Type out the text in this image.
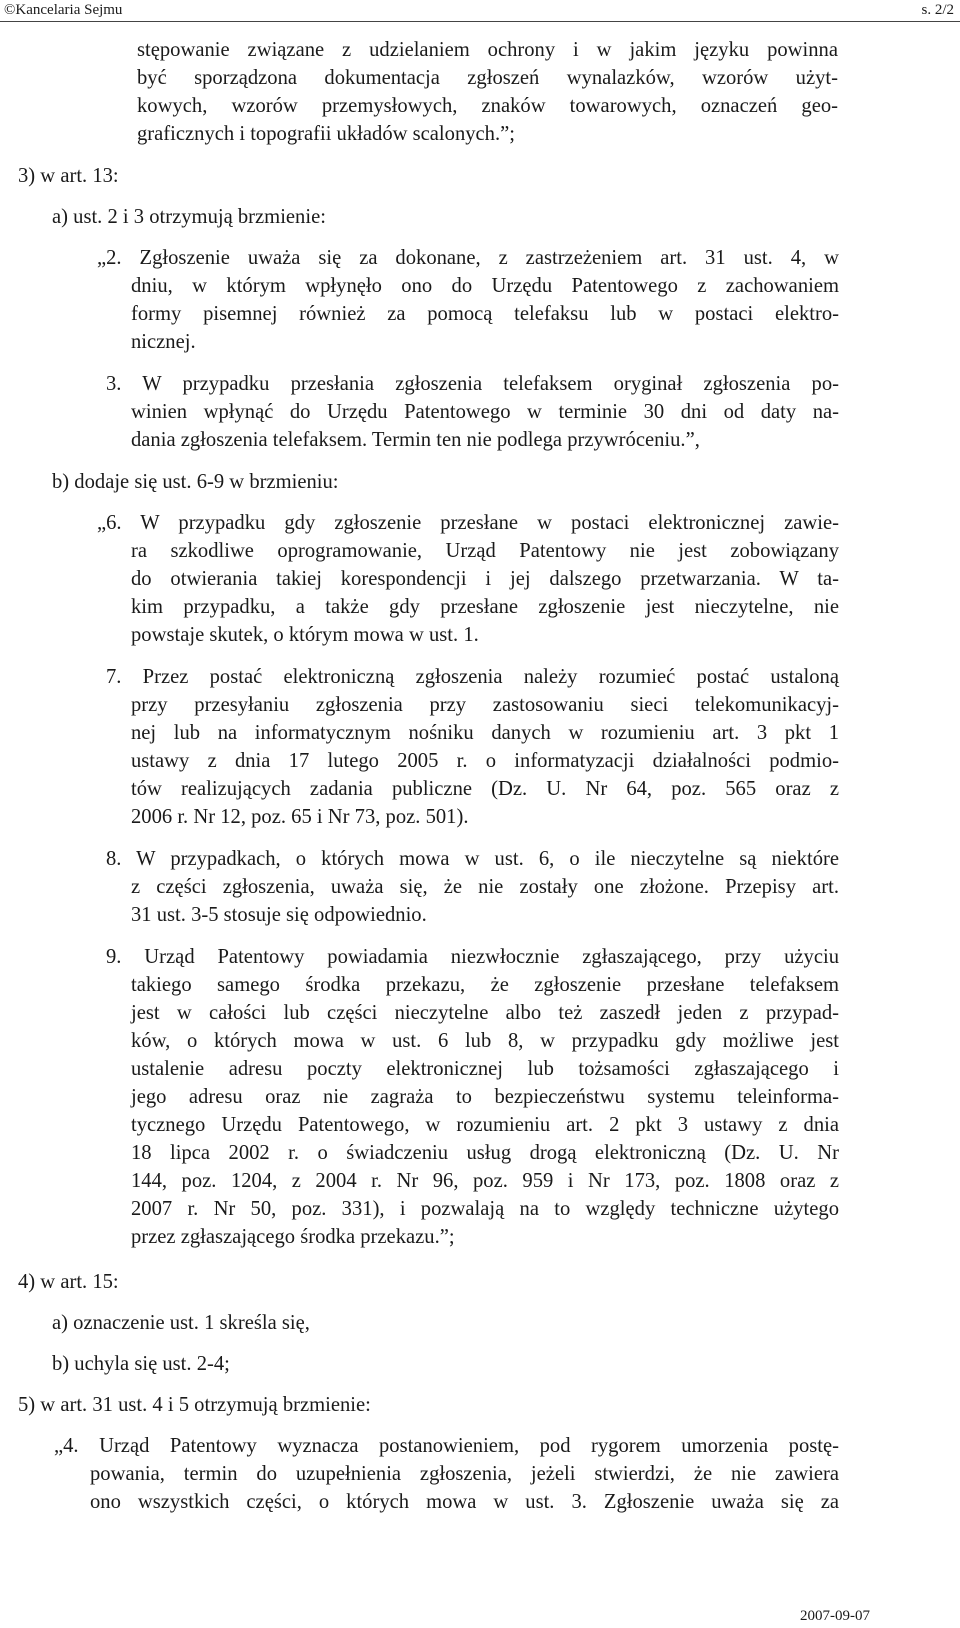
©Kancelaria Sejmu	s. 2/2

stępowanie związane z udzielaniem ochrony i w jakim języku powinna

być sporządzona dokumentacja zgłoszeń wynalazków, wzorów użyt-

kowych, wzorów przemysłowych, znaków towarowych, oznaczeń geo-

graficznych i topografii układów scalonych.”;

3) w art. 13:

a) ust. 2 i 3 otrzymują brzmienie:

„2. Zgłoszenie uważa się za dokonane, z zastrzeżeniem art. 31 ust. 4, w

dniu, w którym wpłynęło ono do Urzędu Patentowego z zachowaniem

formy pisemnej również za pomocą telefaksu lub w postaci elektro-

nicznej.

3. W przypadku przesłania zgłoszenia telefaksem oryginał zgłoszenia po-

winien wpłynąć do Urzędu Patentowego w terminie 30 dni od daty na-

dania zgłoszenia telefaksem. Termin ten nie podlega przywróceniu.”,

b) dodaje się ust. 6-9 w brzmieniu:

„6. W przypadku gdy zgłoszenie przesłane w postaci elektronicznej zawie-

ra szkodliwe oprogramowanie, Urząd Patentowy nie jest zobowiązany

do otwierania takiej korespondencji i jej dalszego przetwarzania. W ta-

kim przypadku, a także gdy przesłane zgłoszenie jest nieczytelne, nie

powstaje skutek, o którym mowa w ust. 1.

7. Przez postać elektroniczną zgłoszenia należy rozumieć postać ustaloną

przy przesyłaniu zgłoszenia przy zastosowaniu sieci telekomunikacyj-

nej lub na informatycznym nośniku danych w rozumieniu art. 3 pkt 1

ustawy z dnia 17 lutego 2005 r. o informatyzacji działalności podmio-

tów realizujących zadania publiczne (Dz. U. Nr 64, poz. 565 oraz z

2006 r. Nr 12, poz. 65 i Nr 73, poz. 501).

8. W przypadkach, o których mowa w ust. 6, o ile nieczytelne są niektóre

z części zgłoszenia, uważa się, że nie zostały one złożone. Przepisy art.

31 ust. 3-5 stosuje się odpowiednio.

9. Urząd Patentowy powiadamia niezwłocznie zgłaszającego, przy użyciu

takiego samego środka przekazu, że zgłoszenie przesłane telefaksem

jest w całości lub części nieczytelne albo też zaszedł jeden z przypad-

ków, o których mowa w ust. 6 lub 8, w przypadku gdy możliwe jest

ustalenie adresu poczty elektronicznej lub tożsamości zgłaszającego i

jego adresu oraz nie zagraża to bezpieczeństwu systemu teleinforma-

tycznego Urzędu Patentowego, w rozumieniu art. 2 pkt 3 ustawy z dnia

18 lipca 2002 r. o świadczeniu usług drogą elektroniczną (Dz. U. Nr

144, poz. 1204, z 2004 r. Nr 96, poz. 959 i Nr 173, poz. 1808 oraz z

2007 r. Nr 50, poz. 331), i pozwalają na to względy techniczne użytego

przez zgłaszającego środka przekazu.”;

4) w art. 15:

a) oznaczenie ust. 1 skreśla się,

b) uchyla się ust. 2-4;

5) w art. 31 ust. 4 i 5 otrzymują brzmienie:

„4. Urząd Patentowy wyznacza postanowieniem, pod rygorem umorzenia postę-

powania, termin do uzupełnienia zgłoszenia, jeżeli stwierdzi, że nie zawiera

ono wszystkich części, o których mowa w ust. 3. Zgłoszenie uważa się za

2007-09-07
